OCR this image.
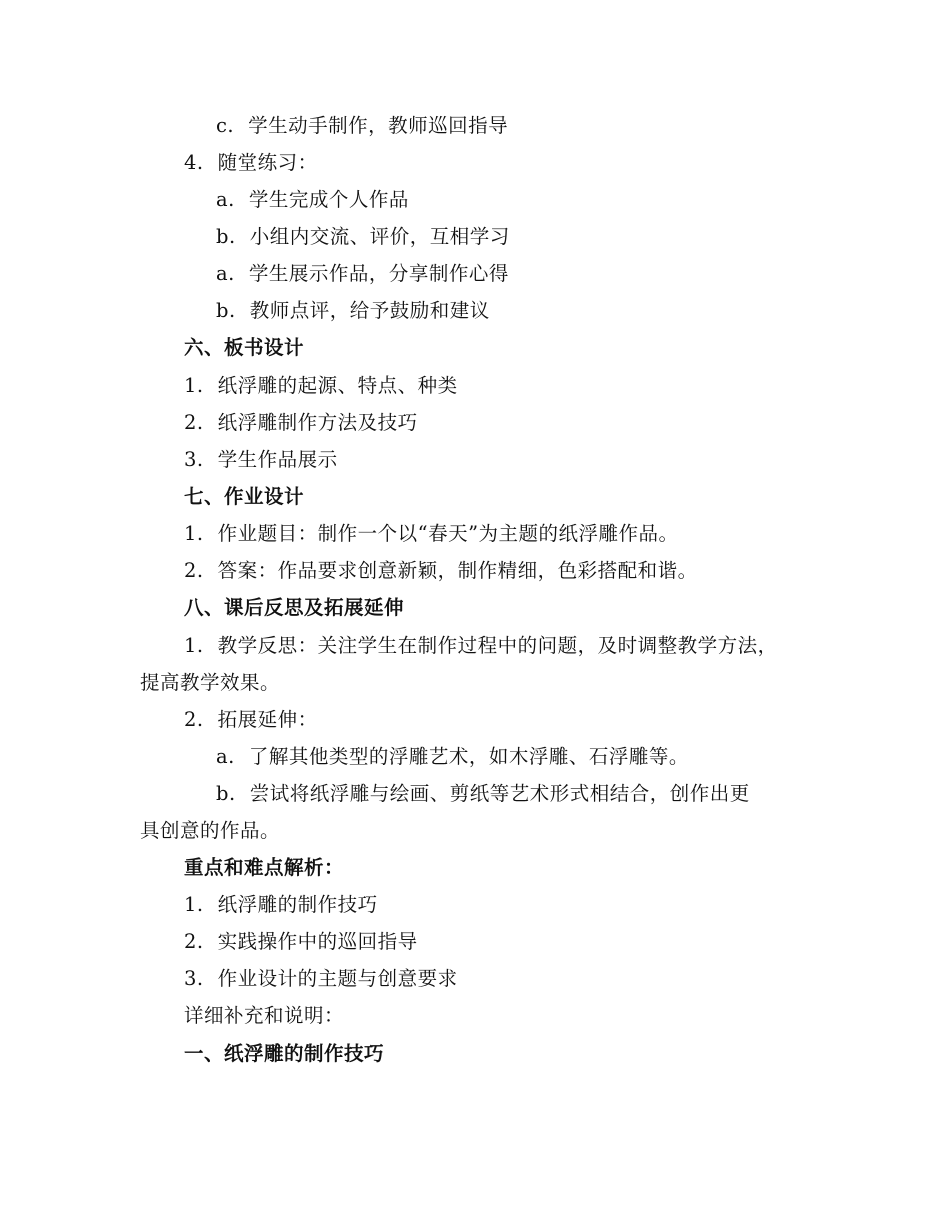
c. 学生动手制作，教师巡回指导
4. 随堂练习：
a. 学生完成个人作品
b. 小组内交流、评价，互相学习
a. 学生展示作品，分享制作心得
b. 教师点评，给予鼓励和建议
六、板书设计
1. 纸浮雕的起源、特点、种类
2. 纸浮雕制作方法及技巧
3. 学生作品展示
七、作业设计
1. 作业题目：制作一个以“春天”为主题的纸浮雕作品。
2. 答案：作品要求创意新颖，制作精细，色彩搭配和谐。
八、课后反思及拓展延伸
1. 教学反思：关注学生在制作过程中的问题，及时调整教学方法，
提高教学效果。
2. 拓展延伸：
a. 了解其他类型的浮雕艺术，如木浮雕、石浮雕等。
b. 尝试将纸浮雕与绘画、剪纸等艺术形式相结合，创作出更
具创意的作品。
重点和难点解析：
1. 纸浮雕的制作技巧
2. 实践操作中的巡回指导
3. 作业设计的主题与创意要求
详细补充和说明：
一、纸浮雕的制作技巧
